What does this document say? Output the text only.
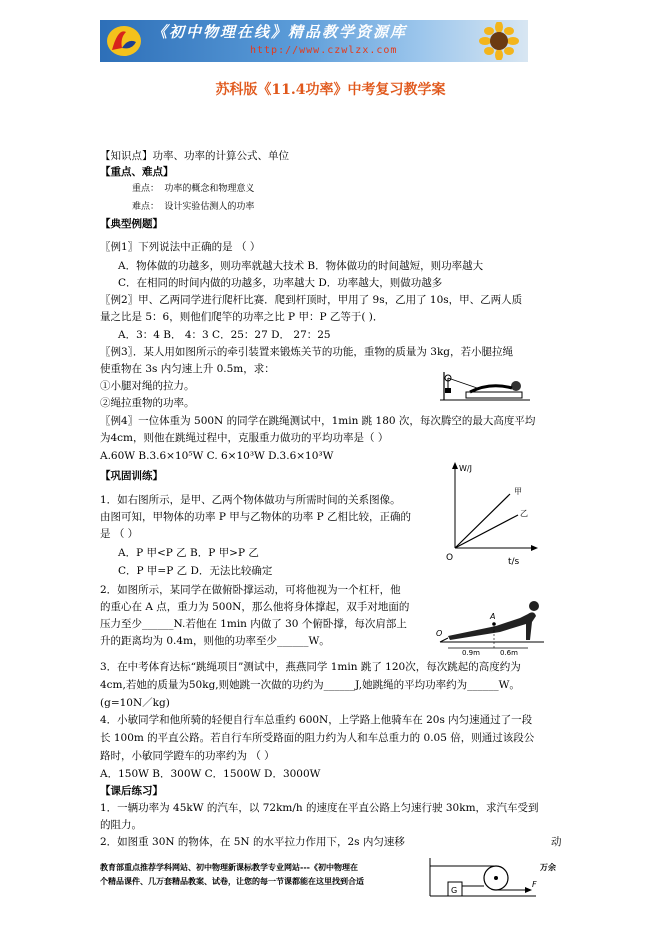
《初中物理在线》精品教学资源库
http://www.czwlzx.com
苏科版《11.4功率》中考复习教学案
【知识点】功率、功率的计算公式、单位
【重点、难点】
重点： 功率的概念和物理意义
难点： 设计实验估测人的功率
【典型例题】
〖例1〗下列说法中正确的是 （ ）
A．物体做的功越多，则功率就越大技术 B．物体做功的时间越短，则功率越大
C．在相同的时间内做的功越多，功率越大 D．功率越大，则做功越多
〖例2〗甲、乙两同学进行爬杆比赛．爬到杆顶时，甲用了 9s，乙用了 10s，甲、乙两人质
量之比是 5：6，则他们爬竿的功率之比 P 甲：P 乙等于( )．
A．3：4 B． 4：3 C．25：27 D． 27：25
〖例3〗．某人用如图所示的牵引装置来锻炼关节的功能，重物的质量为 3kg，若小腿拉绳
使重物在 3s 内匀速上升 0.5m，求：
①小腿对绳的拉力。
②绳拉重物的功率。
〖例4〗一位体重为 500N 的同学在跳绳测试中，1min 跳 180 次，每次腾空的最大高度平均
为4cm，则他在跳绳过程中，克服重力做功的平均功率是（ ）
A.60W B.3.6×10⁵W C. 6×10³W D.3.6×10³W
【巩固训练】
1．如右图所示，是甲、乙两个物体做功与所需时间的关系图像。
由图可知，甲物体的功率 P 甲与乙物体的功率 P 乙相比较，正确的
是 （ ）
A．P 甲<P 乙 B．P 甲>P 乙
C．P 甲=P 乙 D．无法比较确定
W/J
甲
乙
O	t/s
2．如图所示，某同学在做俯卧撑运动，可将他视为一个杠杆，他
的重心在 A 点，重力为 500N，那么他将身体撑起，双手对地面的
压力至少______N.若他在 1min 内做了 30 个俯卧撑，每次肩部上
升的距离均为 0.4m，则他的功率至少______W。
A
O
0.9m	0.6m
3．在中考体育达标“跳绳项目”测试中，燕燕同学 1min 跳了 120次，每次跳起的高度约为
4cm,若她的质量为50kg,则她跳一次做的功约为______J,她跳绳的平均功率约为______W。
(g=10N／kg)
4．小敏同学和他所骑的轻便自行车总重约 600N，上学路上他骑车在 20s 内匀速通过了一段
长 100m 的平直公路。若自行车所受路面的阻力约为人和车总重力的 0.05 倍，则通过该段公
路时，小敏同学蹬车的功率约为 （ ）
A．150W B．300W C．1500W D．3000W
【课后练习】
1．一辆功率为 45kW 的汽车，以 72km/h 的速度在平直公路上匀速行驶 30km，求汽车受到
的阻力。
2．如图重 30N 的物体，在 5N 的水平拉力作用下，2s 内匀速移	动
G
F
教育部重点推荐学科网站、初中物理新课标教学专业网站---《初中物理在
个精品课件、几万套精品教案、试卷，让您的每一节课都能在这里找到合适
万余
